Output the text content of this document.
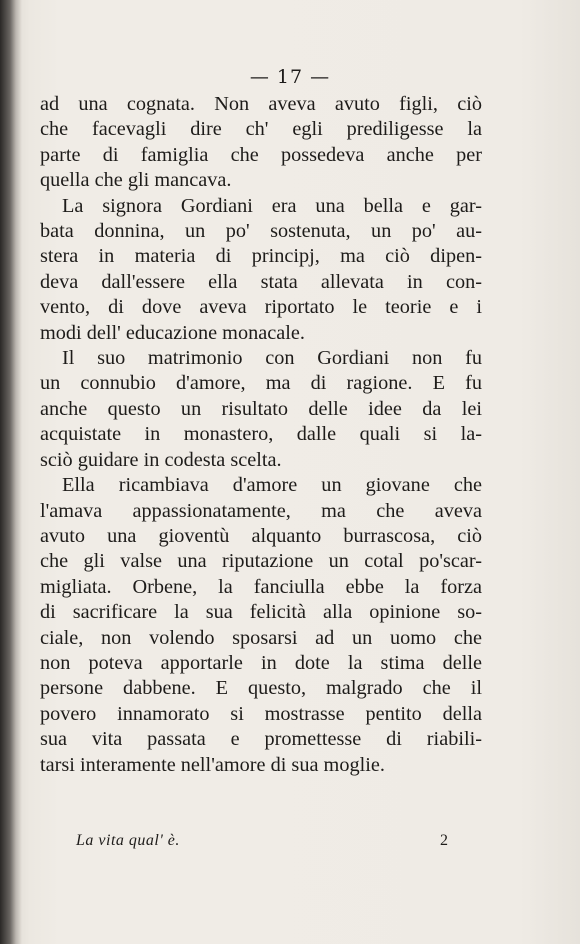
— 17 —

ad una cognata. Non aveva avuto figli, ciò
che facevagli dire ch' egli prediligesse la
parte di famiglia che possedeva anche per
quella che gli mancava.

La signora Gordiani era una bella e gar-
bata donnina, un po' sostenuta, un po' au-
stera in materia di principj, ma ciò dipen-
deva dall'essere ella stata allevata in con-
vento, di dove aveva riportato le teorie e i
modi dell' educazione monacale.

Il suo matrimonio con Gordiani non fu
un connubio d'amore, ma di ragione. E fu
anche questo un risultato delle idee da lei
acquistate in monastero, dalle quali si la-
sciò guidare in codesta scelta.

Ella ricambiava d'amore un giovane che
l'amava appassionatamente, ma che aveva
avuto una gioventù alquanto burrascosa, ciò
che gli valse una riputazione un cotal po'scar-
migliata. Orbene, la fanciulla ebbe la forza
di sacrificare la sua felicità alla opinione so-
ciale, non volendo sposarsi ad un uomo che
non poteva apportarle in dote la stima delle
persone dabbene. E questo, malgrado che il
povero innamorato si mostrasse pentito della
sua vita passata e promettesse di riabili-
tarsi interamente nell'amore di sua moglie.

La vita qual' è.	2
